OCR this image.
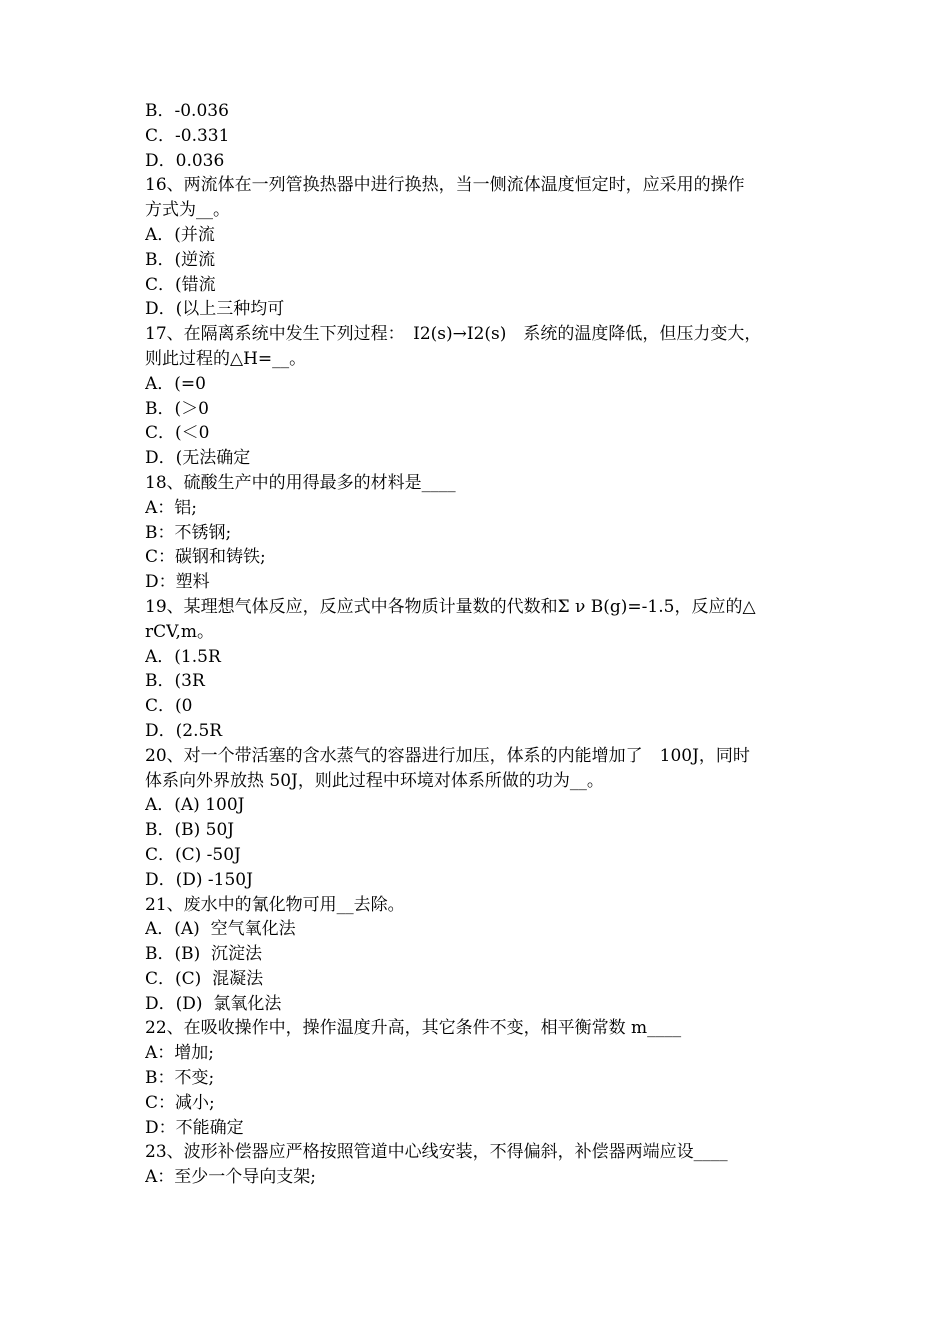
B．-0.036
C．-0.331
D．0.036
16、两流体在一列管换热器中进行换热，当一侧流体温度恒定时，应采用的操作
方式为__。
A．(并流
B．(逆流
C．(错流
D．(以上三种均可
17、在隔离系统中发生下列过程：　I2(s)→I2(s)　系统的温度降低，但压力变大，
则此过程的△H=__。
A．(=0
B．(＞0
C．(＜0
D．(无法确定
18、硫酸生产中的用得最多的材料是____
A：铝;
B：不锈钢;
C：碳钢和铸铁;
D：塑料
19、某理想气体反应，反应式中各物质计量数的代数和Σ ν B(g)=-1.5，反应的△
rCV,m。
A．(1.5R
B．(3R
C．(0
D．(2.5R
20、对一个带活塞的含水蒸气的容器进行加压，体系的内能增加了　100J，同时
体系向外界放热 50J，则此过程中环境对体系所做的功为__。
A．(A) 100J
B．(B) 50J
C．(C) -50J
D．(D) -150J
21、废水中的氰化物可用__去除。
A．(A)  空气氧化法
B．(B)  沉淀法
C．(C)  混凝法
D．(D)  氯氧化法
22、在吸收操作中，操作温度升高，其它条件不变，相平衡常数 m____
A：增加;
B：不变;
C：减小;
D：不能确定
23、波形补偿器应严格按照管道中心线安装，不得偏斜，补偿器两端应设____
A：至少一个导向支架;
